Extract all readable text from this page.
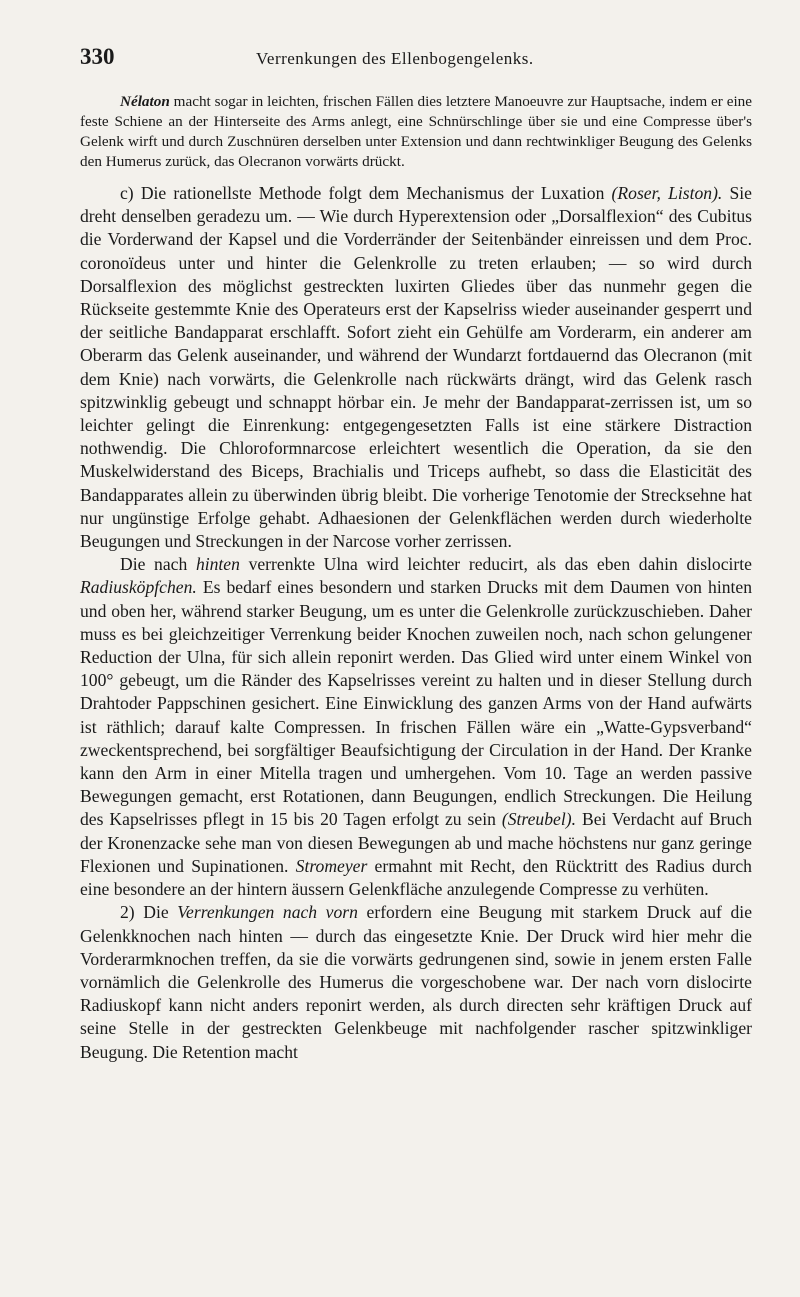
330	Verrenkungen des Ellenbogengelenks.

Nélaton macht sogar in leichten, frischen Fällen dies letztere Manoeuvre zur Hauptsache, indem er eine feste Schiene an der Hinterseite des Arms anlegt, eine Schnürschlinge über sie und eine Compresse über's Gelenk wirft und durch Zuschnüren derselben unter Extension und dann rechtwinkliger Beugung des Gelenks den Humerus zurück, das Olecranon vorwärts drückt.

c) Die rationellste Methode folgt dem Mechanismus der Luxation (Roser, Liston). Sie dreht denselben geradezu um. — Wie durch Hyperextension oder „Dorsalflexion“ des Cubitus die Vorderwand der Kapsel und die Vorderränder der Seitenbänder einreissen und dem Proc. coronoïdeus unter und hinter die Gelenkrolle zu treten erlauben; — so wird durch Dorsalflexion des möglichst gestreckten luxirten Gliedes über das nunmehr gegen die Rückseite gestemmte Knie des Operateurs erst der Kapselriss wieder auseinander gesperrt und der seitliche Bandapparat erschlafft. Sofort zieht ein Gehülfe am Vorderarm, ein anderer am Oberarm das Gelenk auseinander, und während der Wundarzt fortdauernd das Olecranon (mit dem Knie) nach vorwärts, die Gelenkrolle nach rückwärts drängt, wird das Gelenk rasch spitzwinklig gebeugt und schnappt hörbar ein. Je mehr der Bandapparat-zerrissen ist, um so leichter gelingt die Einrenkung: entgegengesetzten Falls ist eine stärkere Distraction nothwendig. Die Chloroformnarcose erleichtert wesentlich die Operation, da sie den Muskelwiderstand des Biceps, Brachialis und Triceps aufhebt, so dass die Elasticität des Bandapparates allein zu überwinden übrig bleibt. Die vorherige Tenotomie der Strecksehne hat nur ungünstige Erfolge gehabt. Adhaesionen der Gelenkflächen werden durch wiederholte Beugungen und Streckungen in der Narcose vorher zerrissen.

Die nach hinten verrenkte Ulna wird leichter reducirt, als das eben dahin dislocirte Radiusköpfchen. Es bedarf eines besondern und starken Drucks mit dem Daumen von hinten und oben her, während starker Beugung, um es unter die Gelenkrolle zurückzuschieben. Daher muss es bei gleichzeitiger Verrenkung beider Knochen zuweilen noch, nach schon gelungener Reduction der Ulna, für sich allein reponirt werden. Das Glied wird unter einem Winkel von 100° gebeugt, um die Ränder des Kapselrisses vereint zu halten und in dieser Stellung durch Drahtoder Pappschinen gesichert. Eine Einwicklung des ganzen Arms von der Hand aufwärts ist räthlich; darauf kalte Compressen. In frischen Fällen wäre ein „Watte-Gypsverband“ zweckentsprechend, bei sorgfältiger Beaufsichtigung der Circulation in der Hand. Der Kranke kann den Arm in einer Mitella tragen und umhergehen. Vom 10. Tage an werden passive Bewegungen gemacht, erst Rotationen, dann Beugungen, endlich Streckungen. Die Heilung des Kapselrisses pflegt in 15 bis 20 Tagen erfolgt zu sein (Streubel). Bei Verdacht auf Bruch der Kronenzacke sehe man von diesen Bewegungen ab und mache höchstens nur ganz geringe Flexionen und Supinationen. Stromeyer ermahnt mit Recht, den Rücktritt des Radius durch eine besondere an der hintern äussern Gelenkfläche anzulegende Compresse zu verhüten.

2) Die Verrenkungen nach vorn erfordern eine Beugung mit starkem Druck auf die Gelenkknochen nach hinten — durch das eingesetzte Knie. Der Druck wird hier mehr die Vorderarmknochen treffen, da sie die vorwärts gedrungenen sind, sowie in jenem ersten Falle vornämlich die Gelenkrolle des Humerus die vorgeschobene war. Der nach vorn dislocirte Radiuskopf kann nicht anders reponirt werden, als durch directen sehr kräftigen Druck auf seine Stelle in der gestreckten Gelenkbeuge mit nachfolgender rascher spitzwinkliger Beugung. Die Retention macht
